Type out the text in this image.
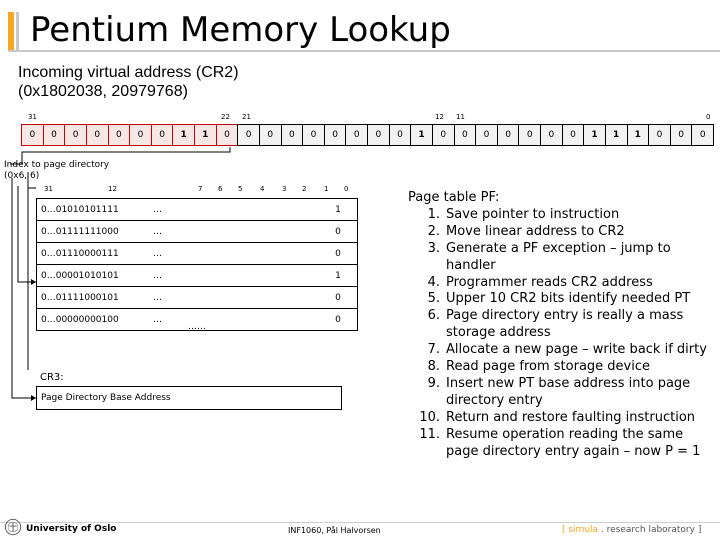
Pentium Memory Lookup
Incoming virtual address (CR2)
(0x1802038, 20979768)
31	22 21	12 11	0
0	0	0	0	0	0	0	1	1	0	0	0	0	0	0	0	0	0	1	0	0	0	0	0	0	0	1	1	1	0	0	0
Index to page directory
(0x6, 6)
31	12	7 6 5	4	3 2	1 0
0…01010101111	…	1
0…01111111000	…	0
0…01110000111	…	0
0…00001010101	…	1
0…01111000101	…	0
0…00000000100	…	0
……
CR3:
Page Directory Base Address
Page table PF:
1. Save pointer to instruction
2. Move linear address to CR2
3. Generate a PF exception – jump to handler
4. Programmer reads CR2 address
5. Upper 10 CR2 bits identify needed PT
6. Page directory entry is really a mass storage address
7. Allocate a new page – write back if dirty
8. Read page from storage device
9. Insert new PT base address into page directory entry
10. Return and restore faulting instruction
11. Resume operation reading the same page directory entry again – now P = 1
University of Oslo	INF1060, Pål Halvorsen	[ simula . research laboratory ]
